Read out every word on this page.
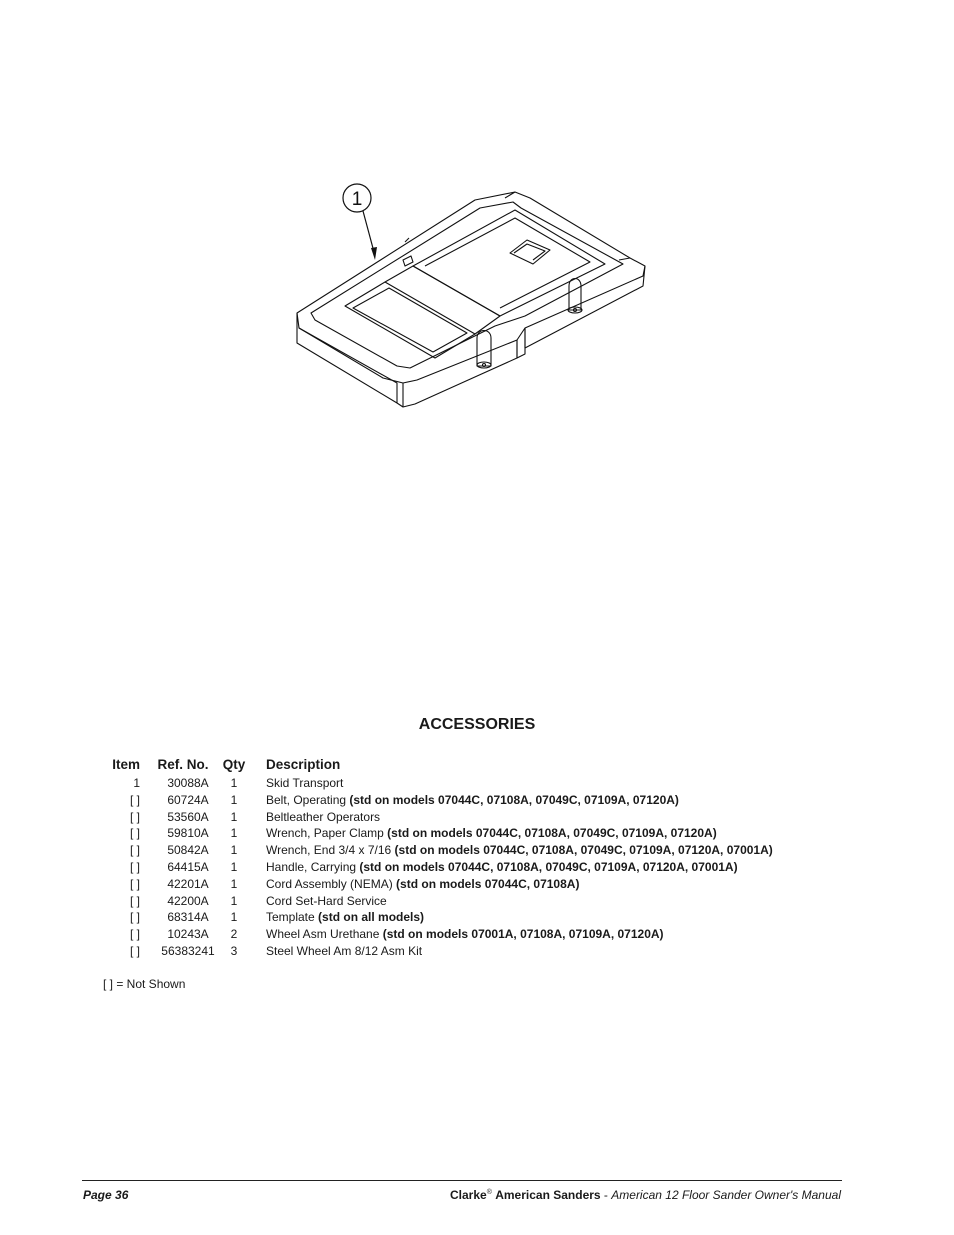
1
ACCESSORIES
Item	Ref. No.	Qty	Description
1	30088A	1	Skid Transport
[ ]	60724A	1	Belt, Operating (std on models 07044C, 07108A, 07049C, 07109A, 07120A)
[ ]	53560A	1	Beltleather Operators
[ ]	59810A	1	Wrench, Paper Clamp (std on models 07044C, 07108A, 07049C, 07109A, 07120A)
[ ]	50842A	1	Wrench, End 3/4 x 7/16 (std on models 07044C, 07108A, 07049C, 07109A, 07120A, 07001A)
[ ]	64415A	1	Handle, Carrying (std on models 07044C, 07108A, 07049C, 07109A, 07120A, 07001A)
[ ]	42201A	1	Cord Assembly (NEMA) (std on models 07044C, 07108A)
[ ]	42200A	1	Cord Set-Hard Service
[ ]	68314A	1	Template (std on all models)
[ ]	10243A	2	Wheel Asm Urethane (std on models 07001A, 07108A, 07109A, 07120A)
[ ]	56383241	3	Steel Wheel Am 8/12 Asm Kit
[ ] = Not Shown
Page 36	Clarke® American Sanders - American 12 Floor Sander Owner's Manual
